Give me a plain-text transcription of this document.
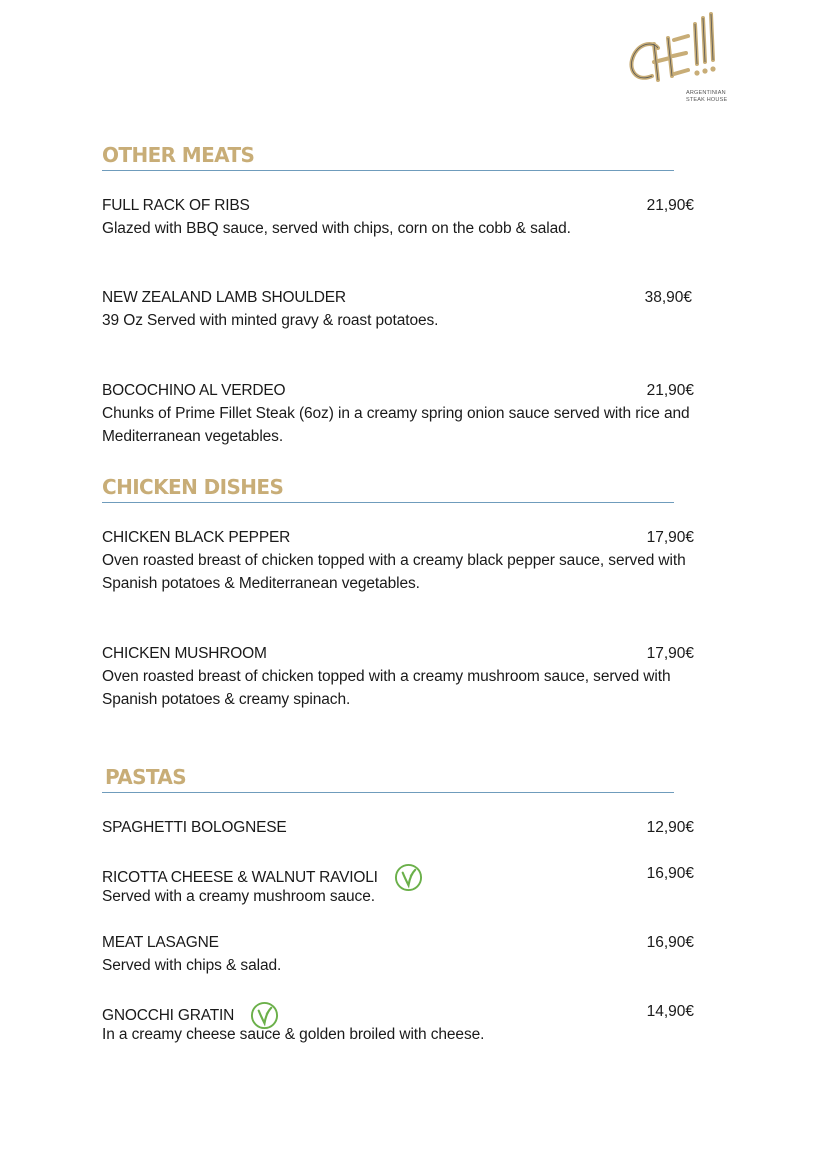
ARGENTINIAN
STEAK HOUSE
OTHER MEATS
FULL RACK OF RIBS	21,90€
Glazed with BBQ sauce, served with chips, corn on the cobb & salad.
NEW ZEALAND LAMB SHOULDER	38,90€
39 Oz Served with minted gravy & roast potatoes.
BOCOCHINO AL VERDEO	21,90€
Chunks of Prime Fillet Steak (6oz) in a creamy spring onion sauce served with rice and Mediterranean vegetables.
CHICKEN DISHES
CHICKEN BLACK PEPPER	17,90€
Oven roasted breast of chicken topped with a creamy black pepper sauce, served with Spanish potatoes & Mediterranean vegetables.
CHICKEN MUSHROOM	17,90€
Oven roasted breast of chicken topped with a creamy mushroom sauce, served with Spanish potatoes & creamy spinach.
PASTAS
SPAGHETTI BOLOGNESE	12,90€
RICOTTA CHEESE & WALNUT RAVIOLI	16,90€
Served with a creamy mushroom sauce.
MEAT LASAGNE	16,90€
Served with chips & salad.
GNOCCHI GRATIN	14,90€
In a creamy cheese sauce & golden broiled with cheese.
